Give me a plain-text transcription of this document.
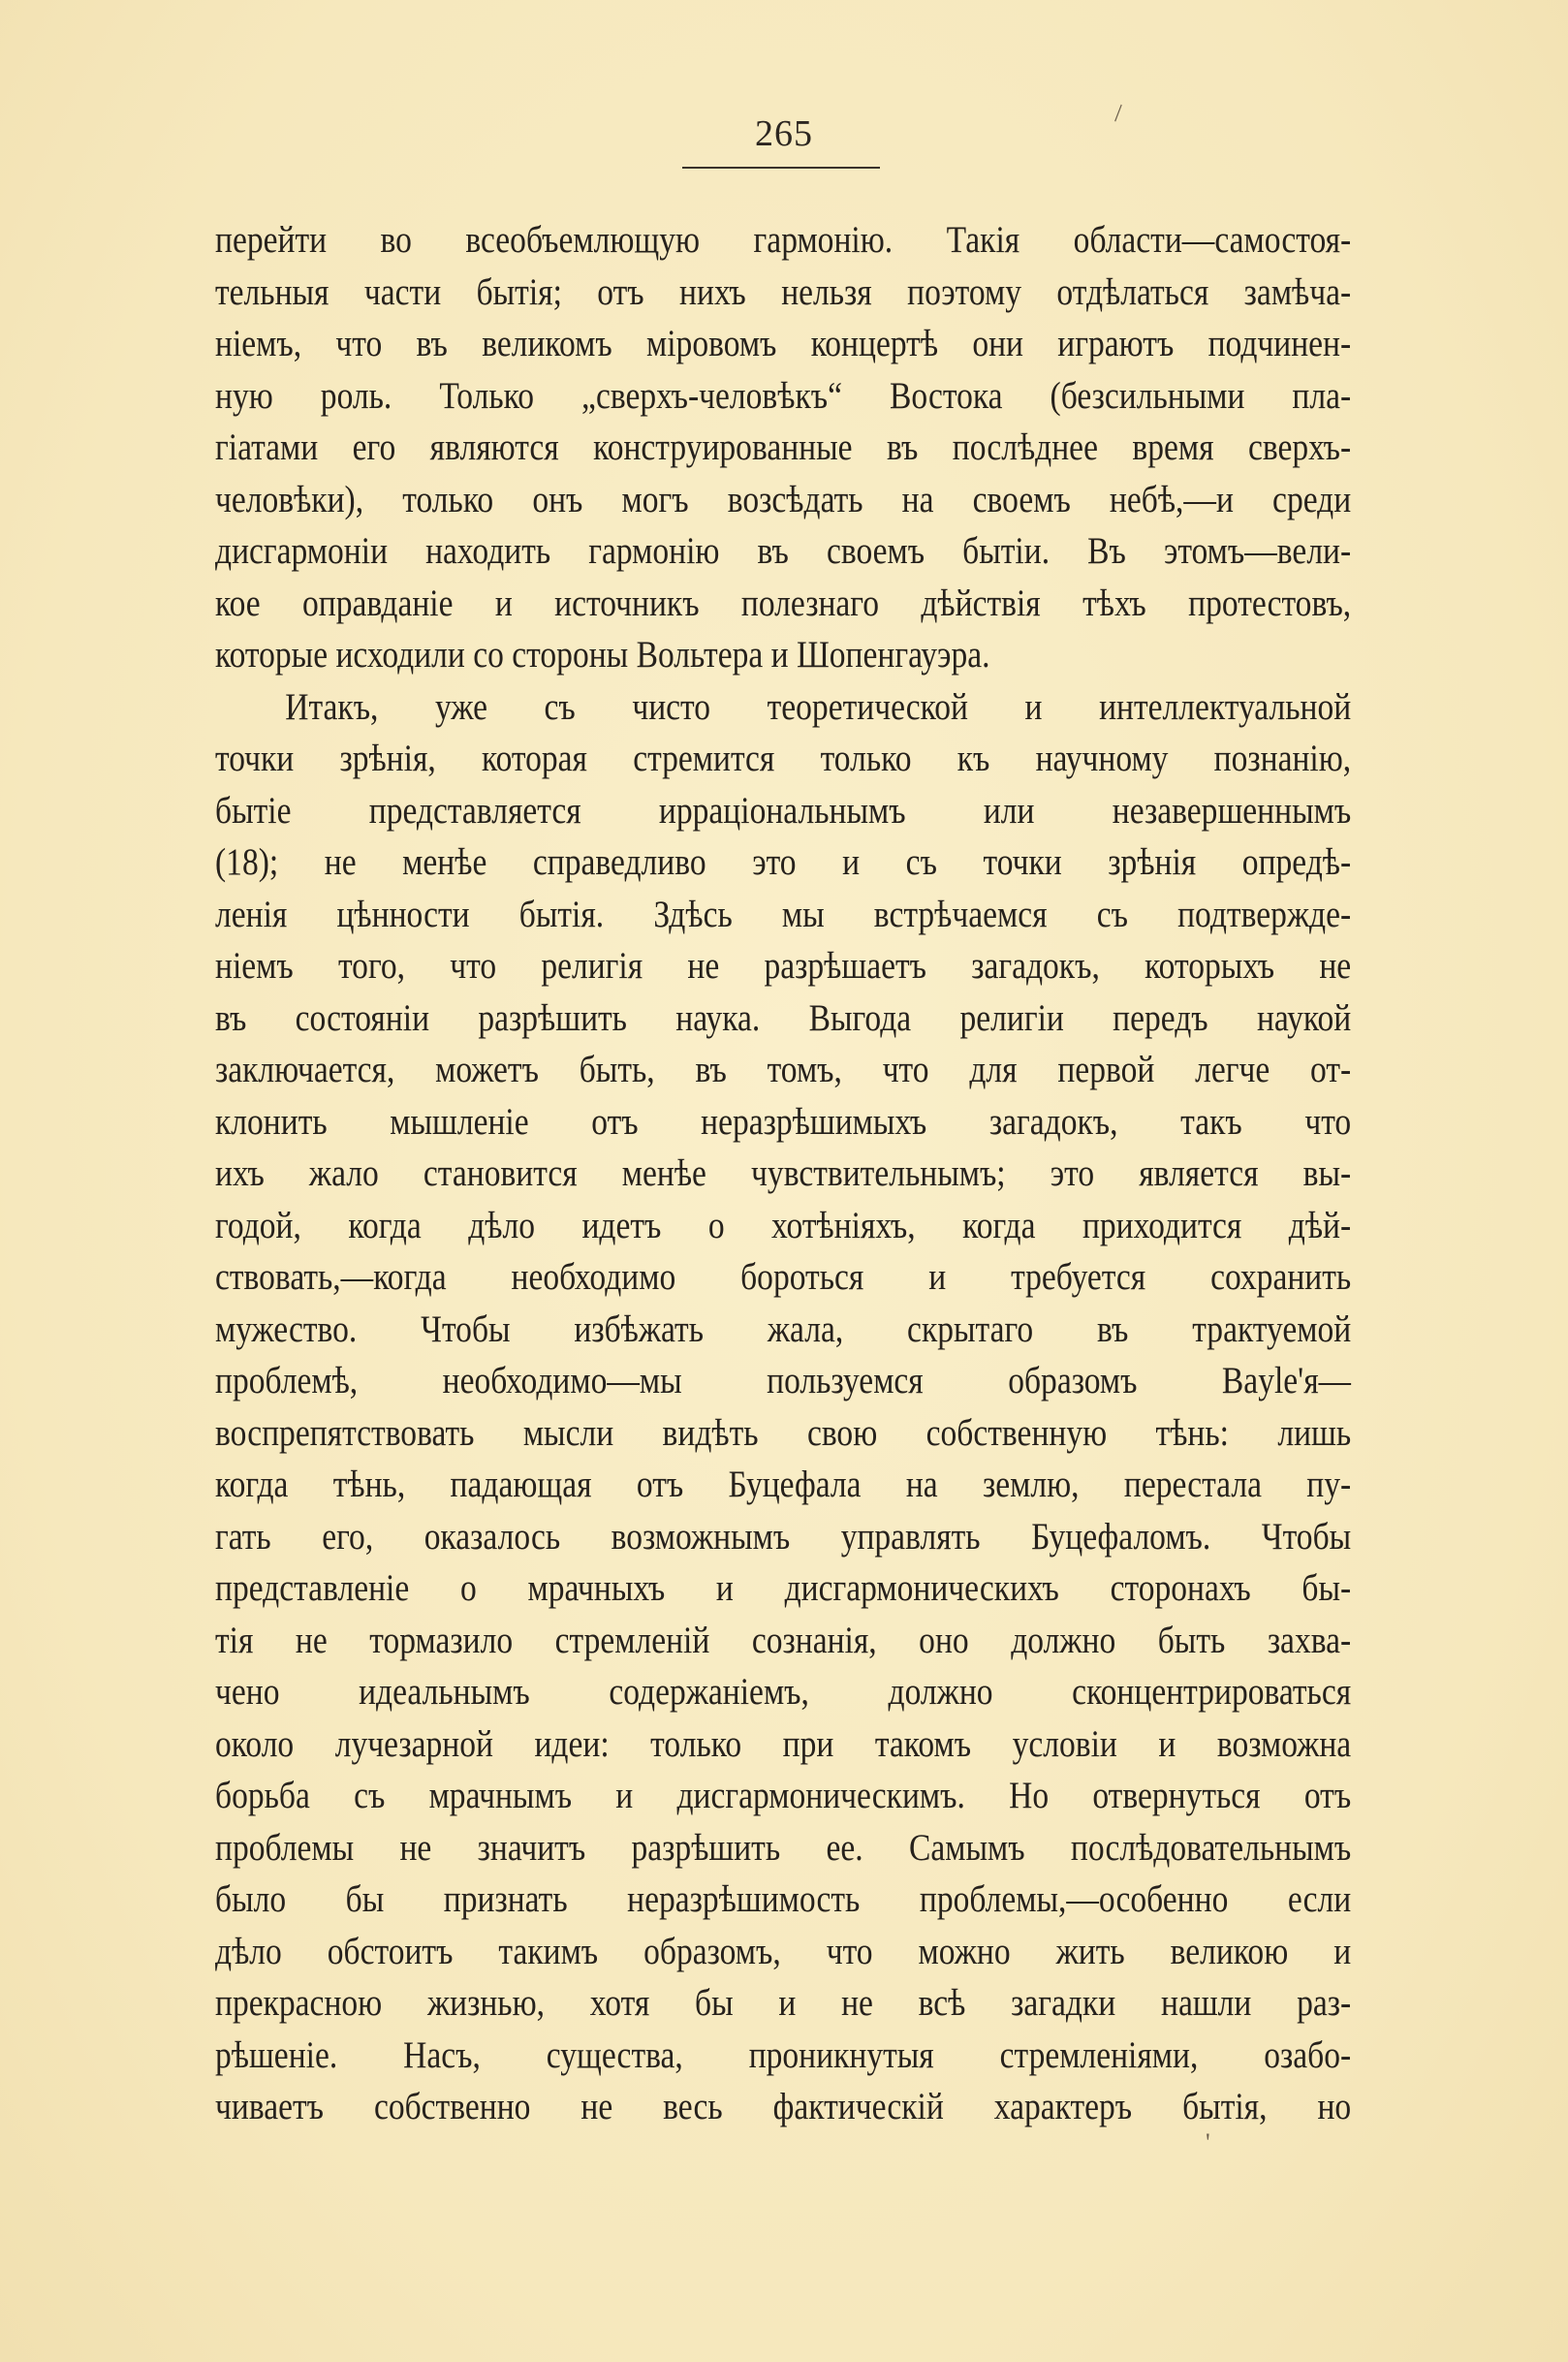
265
перейти во всеобъемлющую гармонію. Такія области—самостоя-
тельныя части бытія; отъ нихъ нельзя поэтому отдѣлаться замѣча-
ніемъ, что въ великомъ міровомъ концертѣ они играютъ подчинен-
ную роль. Только „сверхъ-человѣкъ“ Востока (безсильными пла-
гіатами его являются конструированные въ послѣднее время сверхъ-
человѣки), только онъ могъ возсѣдать на своемъ небѣ,—и среди
дисгармоніи находить гармонію въ своемъ бытіи. Въ этомъ—вели-
кое оправданіе и источникъ полезнаго дѣйствія тѣхъ протестовъ,
которые исходили со стороны Вольтера и Шопенгауэра.
Итакъ, уже съ чисто теоретической и интеллектуальной
точки зрѣнія, которая стремится только къ научному познанію,
бытіе представляется ирраціональнымъ или незавершеннымъ
(18); не менѣе справедливо это и съ точки зрѣнія опредѣ-
ленія цѣнности бытія. Здѣсь мы встрѣчаемся съ подтвержде-
ніемъ того, что религія не разрѣшаетъ загадокъ, которыхъ не
въ состояніи разрѣшить наука. Выгода религіи передъ наукой
заключается, можетъ быть, въ томъ, что для первой легче от-
клонить мышленіе отъ неразрѣшимыхъ загадокъ, такъ что
ихъ жало становится менѣе чувствительнымъ; это является вы-
годой, когда дѣло идетъ о хотѣніяхъ, когда приходится дѣй-
ствовать,—когда необходимо бороться и требуется сохранить
мужество. Чтобы избѣжать жала, скрытаго въ трактуемой
проблемѣ, необходимо—мы пользуемся образомъ Bayle'я—
воспрепятствовать мысли видѣть свою собственную тѣнь: лишь
когда тѣнь, падающая отъ Буцефала на землю, перестала пу-
гать его, оказалось возможнымъ управлять Буцефаломъ. Чтобы
представленіе о мрачныхъ и дисгармоническихъ сторонахъ бы-
тія не тормазило стремленій сознанія, оно должно быть захва-
чено идеальнымъ содержаніемъ, должно сконцентрироваться
около лучезарной идеи: только при такомъ условіи и возможна
борьба съ мрачнымъ и дисгармоническимъ. Но отвернуться отъ
проблемы не значитъ разрѣшить ее. Самымъ послѣдовательнымъ
было бы признать неразрѣшимость проблемы,—особенно если
дѣло обстоитъ такимъ образомъ, что можно жить великою и
прекрасною жизнью, хотя бы и не всѣ загадки нашли раз-
рѣшеніе. Насъ, существа, проникнутыя стремленіями, озабо-
чиваетъ собственно не весь фактическій характеръ бытія, но
\
'
